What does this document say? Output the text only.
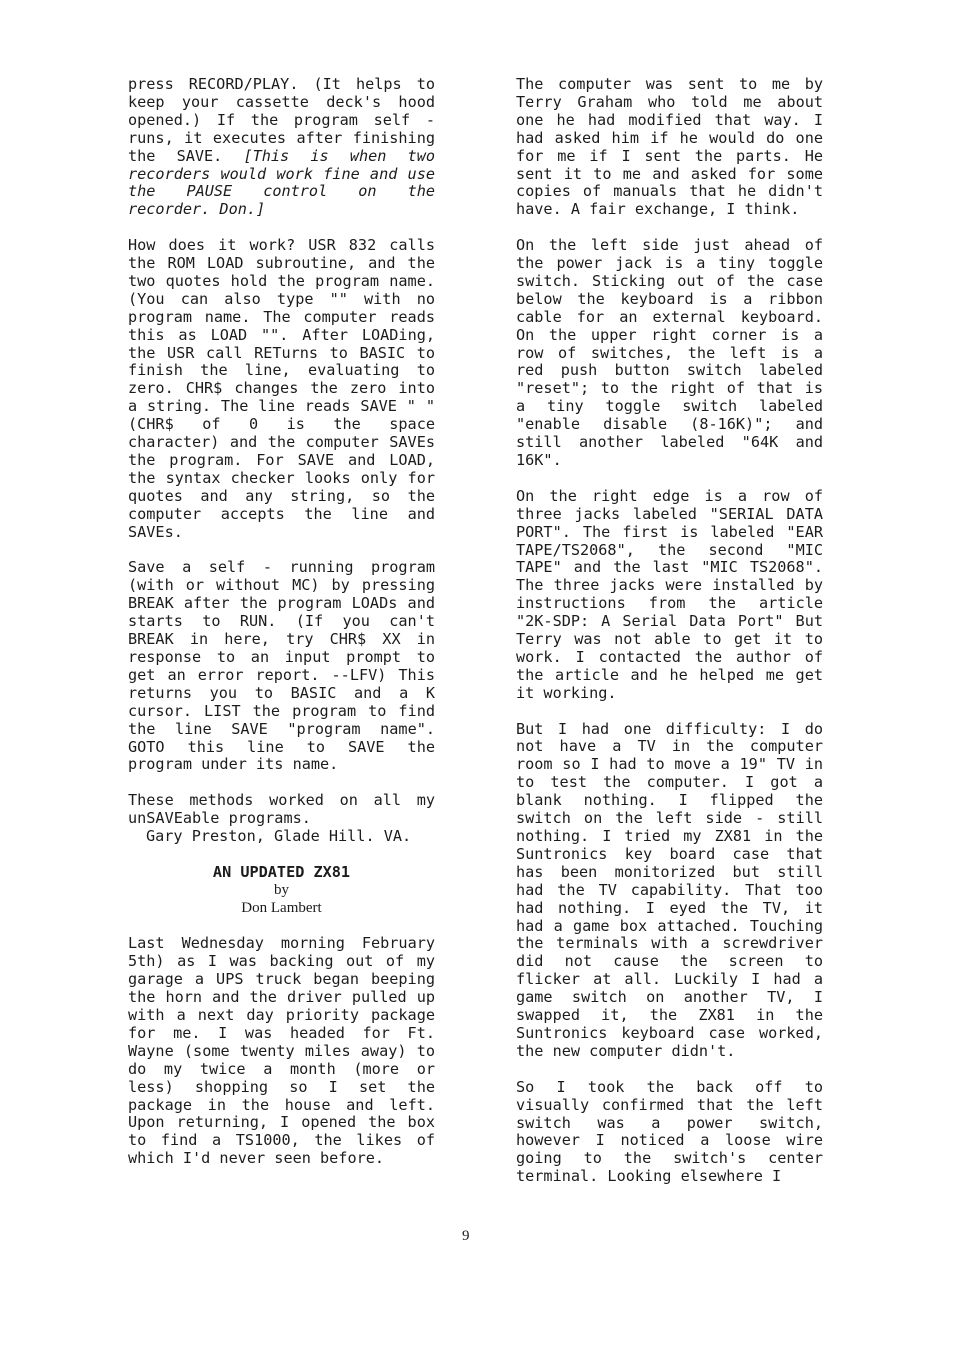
press RECORD/PLAY. (It helps to keep your cassette deck's hood opened.) If the program self - runs, it executes after finishing the SAVE. [This is when two recorders would work fine and use the PAUSE control on the recorder. Don.]

How does it work? USR 832 calls the ROM LOAD subroutine, and the two quotes hold the program name. (You can also type "" with no program name. The computer reads this as LOAD "". After LOADing, the USR call RETurns to BASIC to finish the line, evaluating to zero. CHR$ changes the zero into a string. The line reads SAVE " " (CHR$ of 0 is the space character) and the computer SAVEs the program. For SAVE and LOAD, the syntax checker looks only for quotes and any string, so the computer accepts the line and SAVEs.

Save a self - running program (with or without MC) by pressing BREAK after the program LOADs and starts to RUN. (If you can't BREAK in here, try CHR$ XX in response to an input prompt to get an error report. --LFV) This returns you to BASIC and a K cursor. LIST the program to find the line SAVE "program name". GOTO this line to SAVE the program under its name.

These methods worked on all my unSAVEable programs.

Gary Preston, Glade Hill. VA.

AN UPDATED ZX81

by

Don Lambert

Last Wednesday morning February 5th) as I was backing out of my garage a UPS truck began beeping the horn and the driver pulled up with a next day priority package for me. I was headed for Ft. Wayne (some twenty miles away) to do my twice a month (more or less) shopping so I set the package in the house and left. Upon returning, I opened the box to find a TS1000, the likes of which I'd never seen before.

The computer was sent to me by Terry Graham who told me about one he had modified that way. I had asked him if he would do one for me if I sent the parts. He sent it to me and asked for some copies of manuals that he didn't have. A fair exchange, I think.

On the left side just ahead of the power jack is a tiny toggle switch. Sticking out of the case below the keyboard is a ribbon cable for an external keyboard. On the upper right corner is a row of switches, the left is a red push button switch labeled "reset"; to the right of that is a tiny toggle switch labeled "enable disable (8-16K)"; and still another labeled "64K and 16K".

On the right edge is a row of three jacks labeled "SERIAL DATA PORT". The first is labeled "EAR TAPE/TS2068", the second "MIC TAPE" and the last "MIC TS2068". The three jacks were installed by instructions from the article "2K-SDP: A Serial Data Port" But Terry was not able to get it to work. I contacted the author of the article and he helped me get it working.

But I had one difficulty: I do not have a TV in the computer room so I had to move a 19" TV in to test the computer. I got a blank nothing. I flipped the switch on the left side - still nothing. I tried my ZX81 in the Suntronics key board case that has been monitorized but still had the TV capability. That too had nothing. I eyed the TV, it had a game box attached. Touching the terminals with a screwdriver did not cause the screen to flicker at all. Luckily I had a game switch on another TV, I swapped it, the ZX81 in the Suntronics keyboard case worked, the new computer didn't.

So I took the back off to visually confirmed that the left switch was a power switch, however I noticed a loose wire going to the switch's center terminal. Looking elsewhere I

9
